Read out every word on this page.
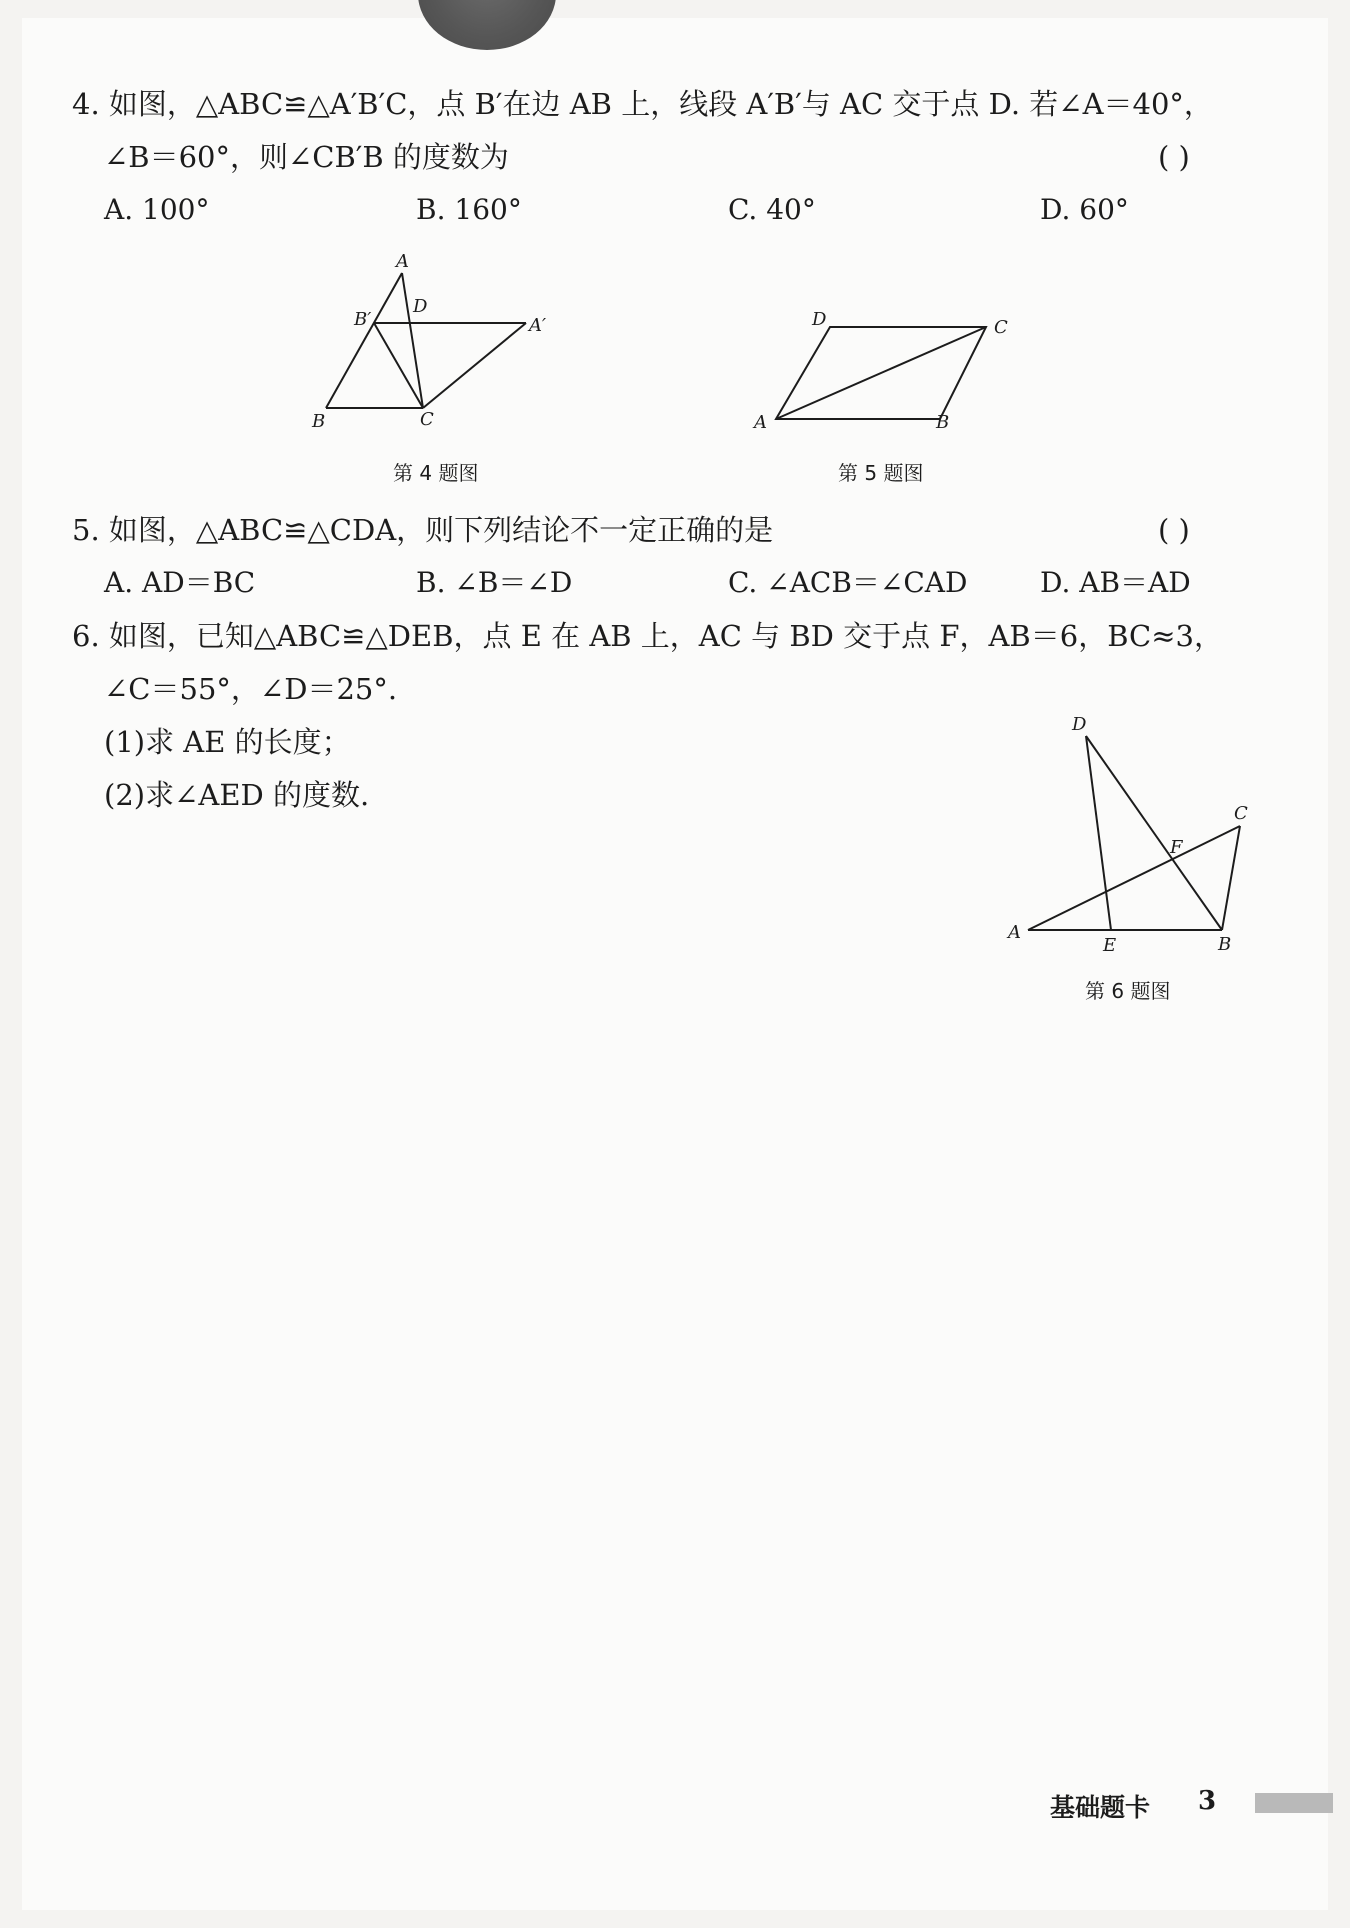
4. 如图，△ABC≌△A′B′C，点 B′在边 AB 上，线段 A′B′与 AC 交于点 D. 若∠A＝40°，
∠B＝60°，则∠CB′B 的度数为	( )
A. 100°	B. 160°	C. 40°	D. 60°
A
B′
D
A′
B	C
第 4 题图
D	C
A	B
第 5 题图
5. 如图，△ABC≌△CDA，则下列结论不一定正确的是	( )
A. AD＝BC	B. ∠B＝∠D	C. ∠ACB＝∠CAD	D. AB＝AD
6. 如图，已知△ABC≌△DEB，点 E 在 AB 上，AC 与 BD 交于点 F，AB＝6，BC≈3，
∠C＝55°，∠D＝25°.
(1)求 AE 的长度；
(2)求∠AED 的度数.
D
C
F
A
E	B
第 6 题图
基础题卡 3
